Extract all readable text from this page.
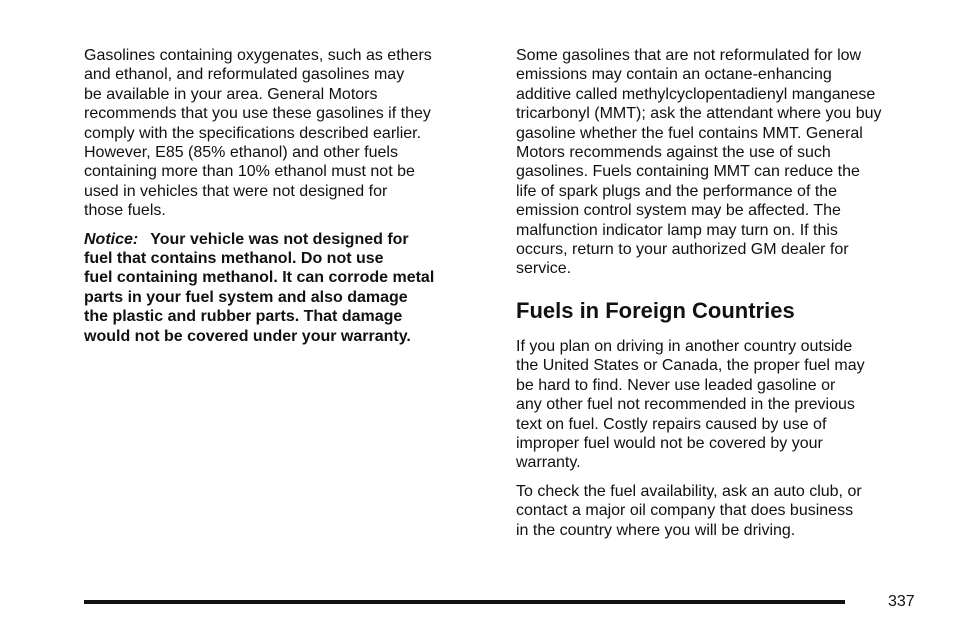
Gasolines containing oxygenates, such as ethers
and ethanol, and reformulated gasolines may
be available in your area. General Motors
recommends that you use these gasolines if they
comply with the specifications described earlier.
However, E85 (85% ethanol) and other fuels
containing more than 10% ethanol must not be
used in vehicles that were not designed for
those fuels.

Notice: Your vehicle was not designed for
fuel that contains methanol. Do not use
fuel containing methanol. It can corrode metal
parts in your fuel system and also damage
the plastic and rubber parts. That damage
would not be covered under your warranty.

Some gasolines that are not reformulated for low
emissions may contain an octane-enhancing
additive called methylcyclopentadienyl manganese
tricarbonyl (MMT); ask the attendant where you buy
gasoline whether the fuel contains MMT. General
Motors recommends against the use of such
gasolines. Fuels containing MMT can reduce the
life of spark plugs and the performance of the
emission control system may be affected. The
malfunction indicator lamp may turn on. If this
occurs, return to your authorized GM dealer for
service.

Fuels in Foreign Countries

If you plan on driving in another country outside
the United States or Canada, the proper fuel may
be hard to find. Never use leaded gasoline or
any other fuel not recommended in the previous
text on fuel. Costly repairs caused by use of
improper fuel would not be covered by your
warranty.

To check the fuel availability, ask an auto club, or
contact a major oil company that does business
in the country where you will be driving.

337
